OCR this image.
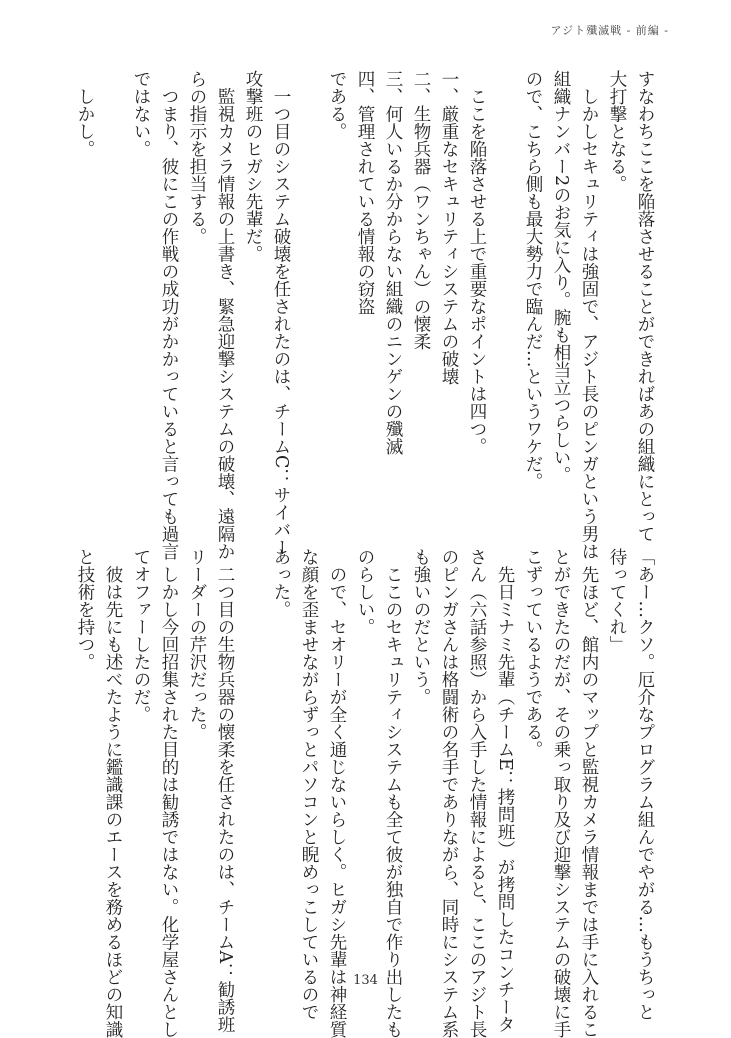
アジト殲滅戦 - 前編 -
すなわちここを陥落させることができればあの組織にとって
大打撃となる。
　しかしセキュリティは強固で、アジト長のピンガという男は
組織ナンバー2のお気に入り。腕も相当立つらしい。
ので、こちら側も最大勢力で臨んだ…というワケだ。
　ここを陥落させる上で重要なポイントは四つ。
一、厳重なセキュリティシステムの破壊
二、生物兵器（ワンちゃん）の懐柔
三、何人いるか分からない組織のニンゲンの殲滅
四、管理されている情報の窃盗
である。
　一つ目のシステム破壊を任されたのは、チームC：サイバー
攻撃班のヒガシ先輩だ。
　監視カメラ情報の上書き、緊急迎撃システムの破壊、遠隔か
らの指示を担当する。
　つまり、彼にこの作戦の成功がかかっていると言っても過言
ではない。
　しかし。
「あー…クソ。厄介なプログラム組んでやがる…もうちっと
待ってくれ」
　先ほど、館内のマップと監視カメラ情報までは手に入れるこ
とができたのだが、その乗っ取り及び迎撃システムの破壊に手
こずっているようである。
　先日ミナミ先輩（チームE：拷問班）が拷問したコンチータ
さん（六話参照）から入手した情報によると、ここのアジト長
のピンガさんは格闘術の名手でありながら、同時にシステム系
も強いのだという。
　ここのセキュリティシステムも全て彼が独自で作り出したも
のらしい。
　ので、セオリーが全く通じないらしく。ヒガシ先輩は神経質
な顔を歪ませながらずっとパソコンと睨めっこしているので
あった。
　二つ目の生物兵器の懐柔を任されたのは、チームA：勧誘班
リーダーの芹沢だった。
　しかし今回招集された目的は勧誘ではない。化学屋さんとし
てオファーしたのだ。
　彼は先にも述べたように鑑識課のエースを務めるほどの知識
と技術を持つ。
134
